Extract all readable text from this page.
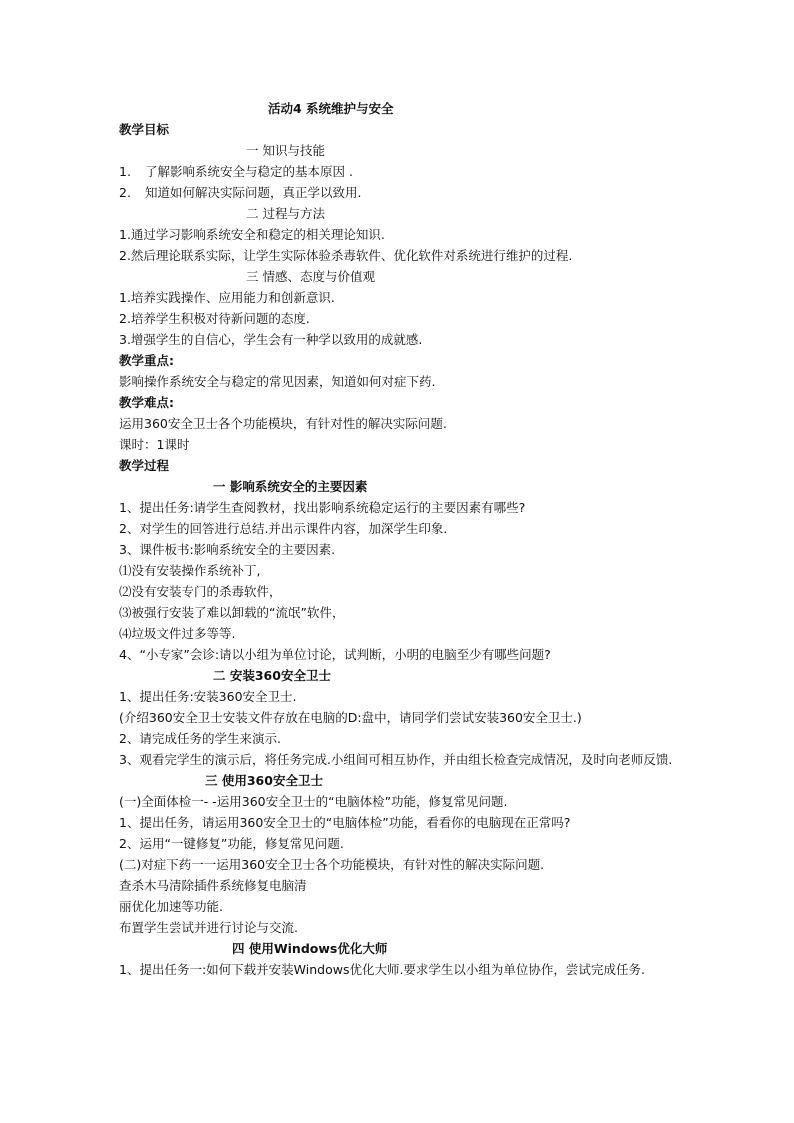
活动4 系统维护与安全
教学目标
一 知识与技能
1. 了解影响系统安全与稳定的基本原因 .
2. 知道如何解决实际问题，真正学以致用.
二 过程与方法
1.通过学习影响系统安全和稳定的相关理论知识.
2.然后理论联系实际，让学生实际体验杀毒软件、优化软件对系统进行维护的过程.
三 情感、态度与价值观
1.培养实践操作、应用能力和创新意识.
2.培养学生积极对待新问题的态度.
3.增强学生的自信心，学生会有一种学以致用的成就感.
教学重点:
影响操作系统安全与稳定的常见因素，知道如何对症下药.
教学难点:
运用360安全卫士各个功能模块，有针对性的解决实际问题.
课时：1课时
教学过程
一 影响系统安全的主要因素
1、提出任务:请学生查阅教材，找出影响系统稳定运行的主要因素有哪些?
2、对学生的回答进行总结.并出示课件内容，加深学生印象.
3、课件板书:影响系统安全的主要因素.
⑴没有安装操作系统补丁,
⑵没有安装专门的杀毒软件，
⑶被强行安装了难以卸载的“流氓”软件，
⑷垃圾文件过多等等.
4、“小专家”会诊:请以小组为单位讨论，试判断，小明的电脑至少有哪些问题?
二 安装360安全卫士
1、提出任务:安装360安全卫士.
(介绍360安全卫士安装文件存放在电脑的D:盘中，请同学们尝试安装360安全卫士.)
2、请完成任务的学生来演示.
3、观看完学生的演示后，将任务完成.小组间可相互协作，并由组长检查完成情况，及时向老师反馈.
三 使用360安全卫士
(一)全面体检一- -运用360安全卫士的“电脑体检”功能，修复常见问题.
1、提出任务，请运用360安全卫士的“电脑体检”功能，看看你的电脑现在正常吗?
2、运用“一键修复”功能，修复常见问题.
(二)对症下药一一运用360安全卫士各个功能模块，有针对性的解决实际问题.
查杀木马清除插件系统修复电脑清
丽优化加速等功能.
布置学生尝试并进行讨论与交流.
四 使用Windows优化大师
1、提出任务一:如何下载并安装Windows优化大师.要求学生以小组为单位协作，尝试完成任务.
